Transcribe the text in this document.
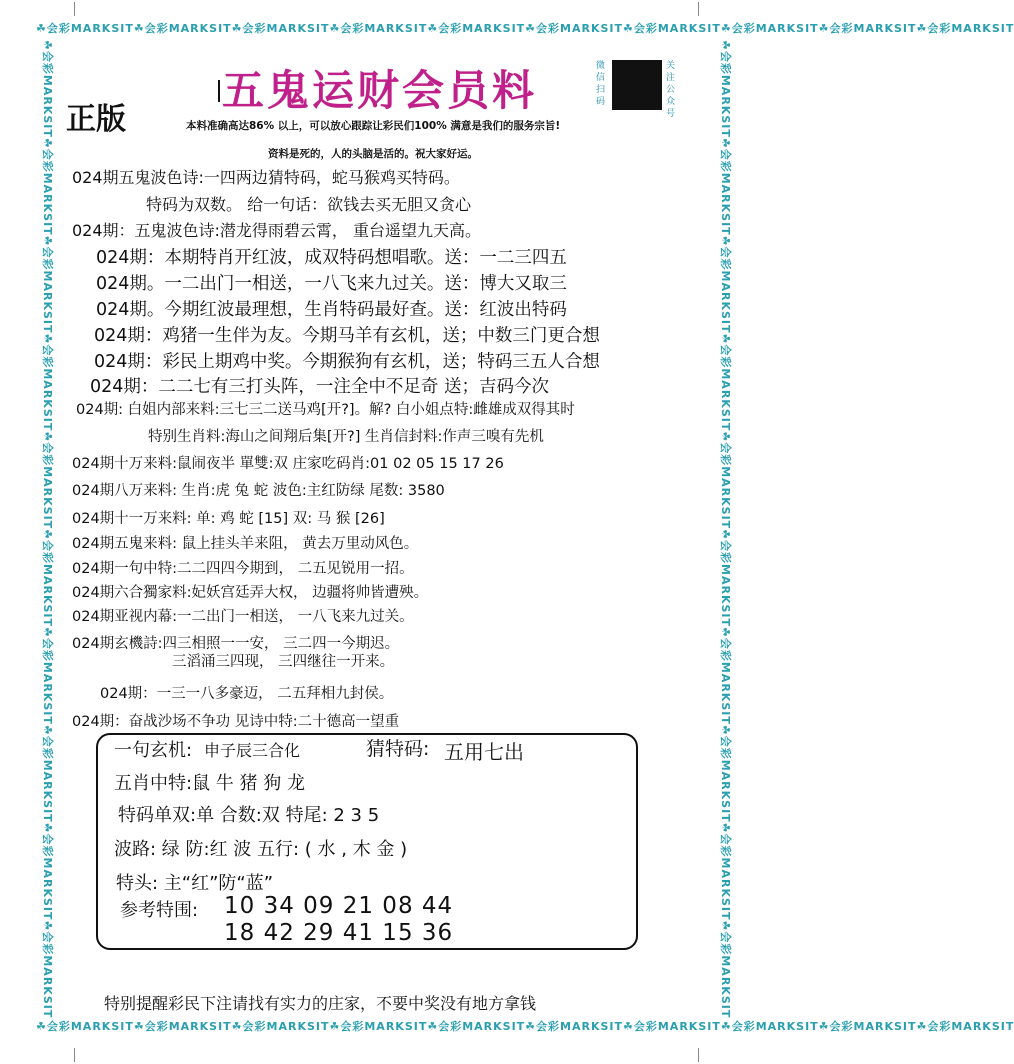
☘会彩MARKSIT☘会彩MARKSIT☘会彩MARKSIT☘会彩MARKSIT☘会彩MARKSIT☘会彩MARKSIT☘会彩MARKSIT☘会彩MARKSIT☘会彩MARKSIT☘会彩MARKSIT
☘会彩MARKSIT☘会彩MARKSIT☘会彩MARKSIT☘会彩MARKSIT☘会彩MARKSIT☘会彩MARKSIT☘会彩MARKSIT☘会彩MARKSIT☘会彩MARKSIT☘会彩MARKSIT
☘会彩MARKSIT☘会彩MARKSIT☘会彩MARKSIT☘会彩MARKSIT☘会彩MARKSIT☘会彩MARKSIT☘会彩MARKSIT☘会彩MARKSIT☘会彩MARKSIT☘会彩MARKSIT	☘会彩MARKSIT☘会彩MARKSIT☘会彩MARKSIT☘会彩MARKSIT☘会彩MARKSIT☘会彩MARKSIT☘会彩MARKSIT☘会彩MARKSIT☘会彩MARKSIT☘会彩MARKSIT
五鬼运财会员料
正版
微信扫码
关注公众号
本料准确高达86% 以上，可以放心跟踪让彩民们100% 满意是我们的服务宗旨!
资料是死的，人的头脑是活的。祝大家好运。
024期五鬼波色诗:一四两边猜特码，蛇马猴鸡买特码。
特码为双数。 给一句话：欲钱去买无胆又贪心
024期：五鬼波色诗:潜龙得雨碧云霄， 重台遥望九天高。
024期：本期特肖开红波，成双特码想唱歌。送：一二三四五
024期。一二出门一相送，一八飞来九过关。送：博大又取三
024期。今期红波最理想，生肖特码最好查。送：红波出特码
024期：鸡猪一生伴为友。今期马羊有玄机，送；中数三门更合想
024期：彩民上期鸡中奖。今期猴狗有玄机，送；特码三五人合想
024期：二二七有三打头阵，一注全中不足奇 送；吉码今次
024期: 白姐内部来料:三七三二送马鸡[开?]。解? 白小姐点特:雌雄成双得其时
特别生肖料:海山之间翔后集[开?] 生肖信封料:作声三嗅有先机
024期十万来料:鼠闹夜半 單雙:双 庄家吃码肖:01 02 05 15 17 26
024期八万来料: 生肖:虎 兔 蛇 波色:主红防绿 尾数: 3580
024期十一万来料: 单: 鸡 蛇 [15] 双: 马 猴 [26]
024期五鬼来料: 鼠上挂头羊来阻， 黄去万里动风色。
024期一句中特:二二四四今期到， 二五见锐用一招。
024期六合獨家料:妃妖宫廷弄大权， 边疆将帅皆遭殃。
024期亚视内幕:一二出门一相送， 一八飞来九过关。
024期玄機詩:四三相照一一安， 三二四一今期迟。
三滔涌三四现， 三四继往一开来。
024期：一三一八多豪迈， 二五拜相九封侯。
024期：奋战沙场不争功 见诗中特:二十德高一望重
一句玄机: 申子辰三合化	猜特码: 五用七出
五肖中特:鼠 牛 猪 狗 龙
特码单双:单 合数:双 特尾: 2 3 5
波路: 绿 防:红 波 五行: ( 水 , 木 金 )
特头: 主“红”防“蓝”
参考特围: 10 34 09 21 08 44
18 42 29 41 15 36
特别提醒彩民下注请找有实力的庄家，不要中奖没有地方拿钱
